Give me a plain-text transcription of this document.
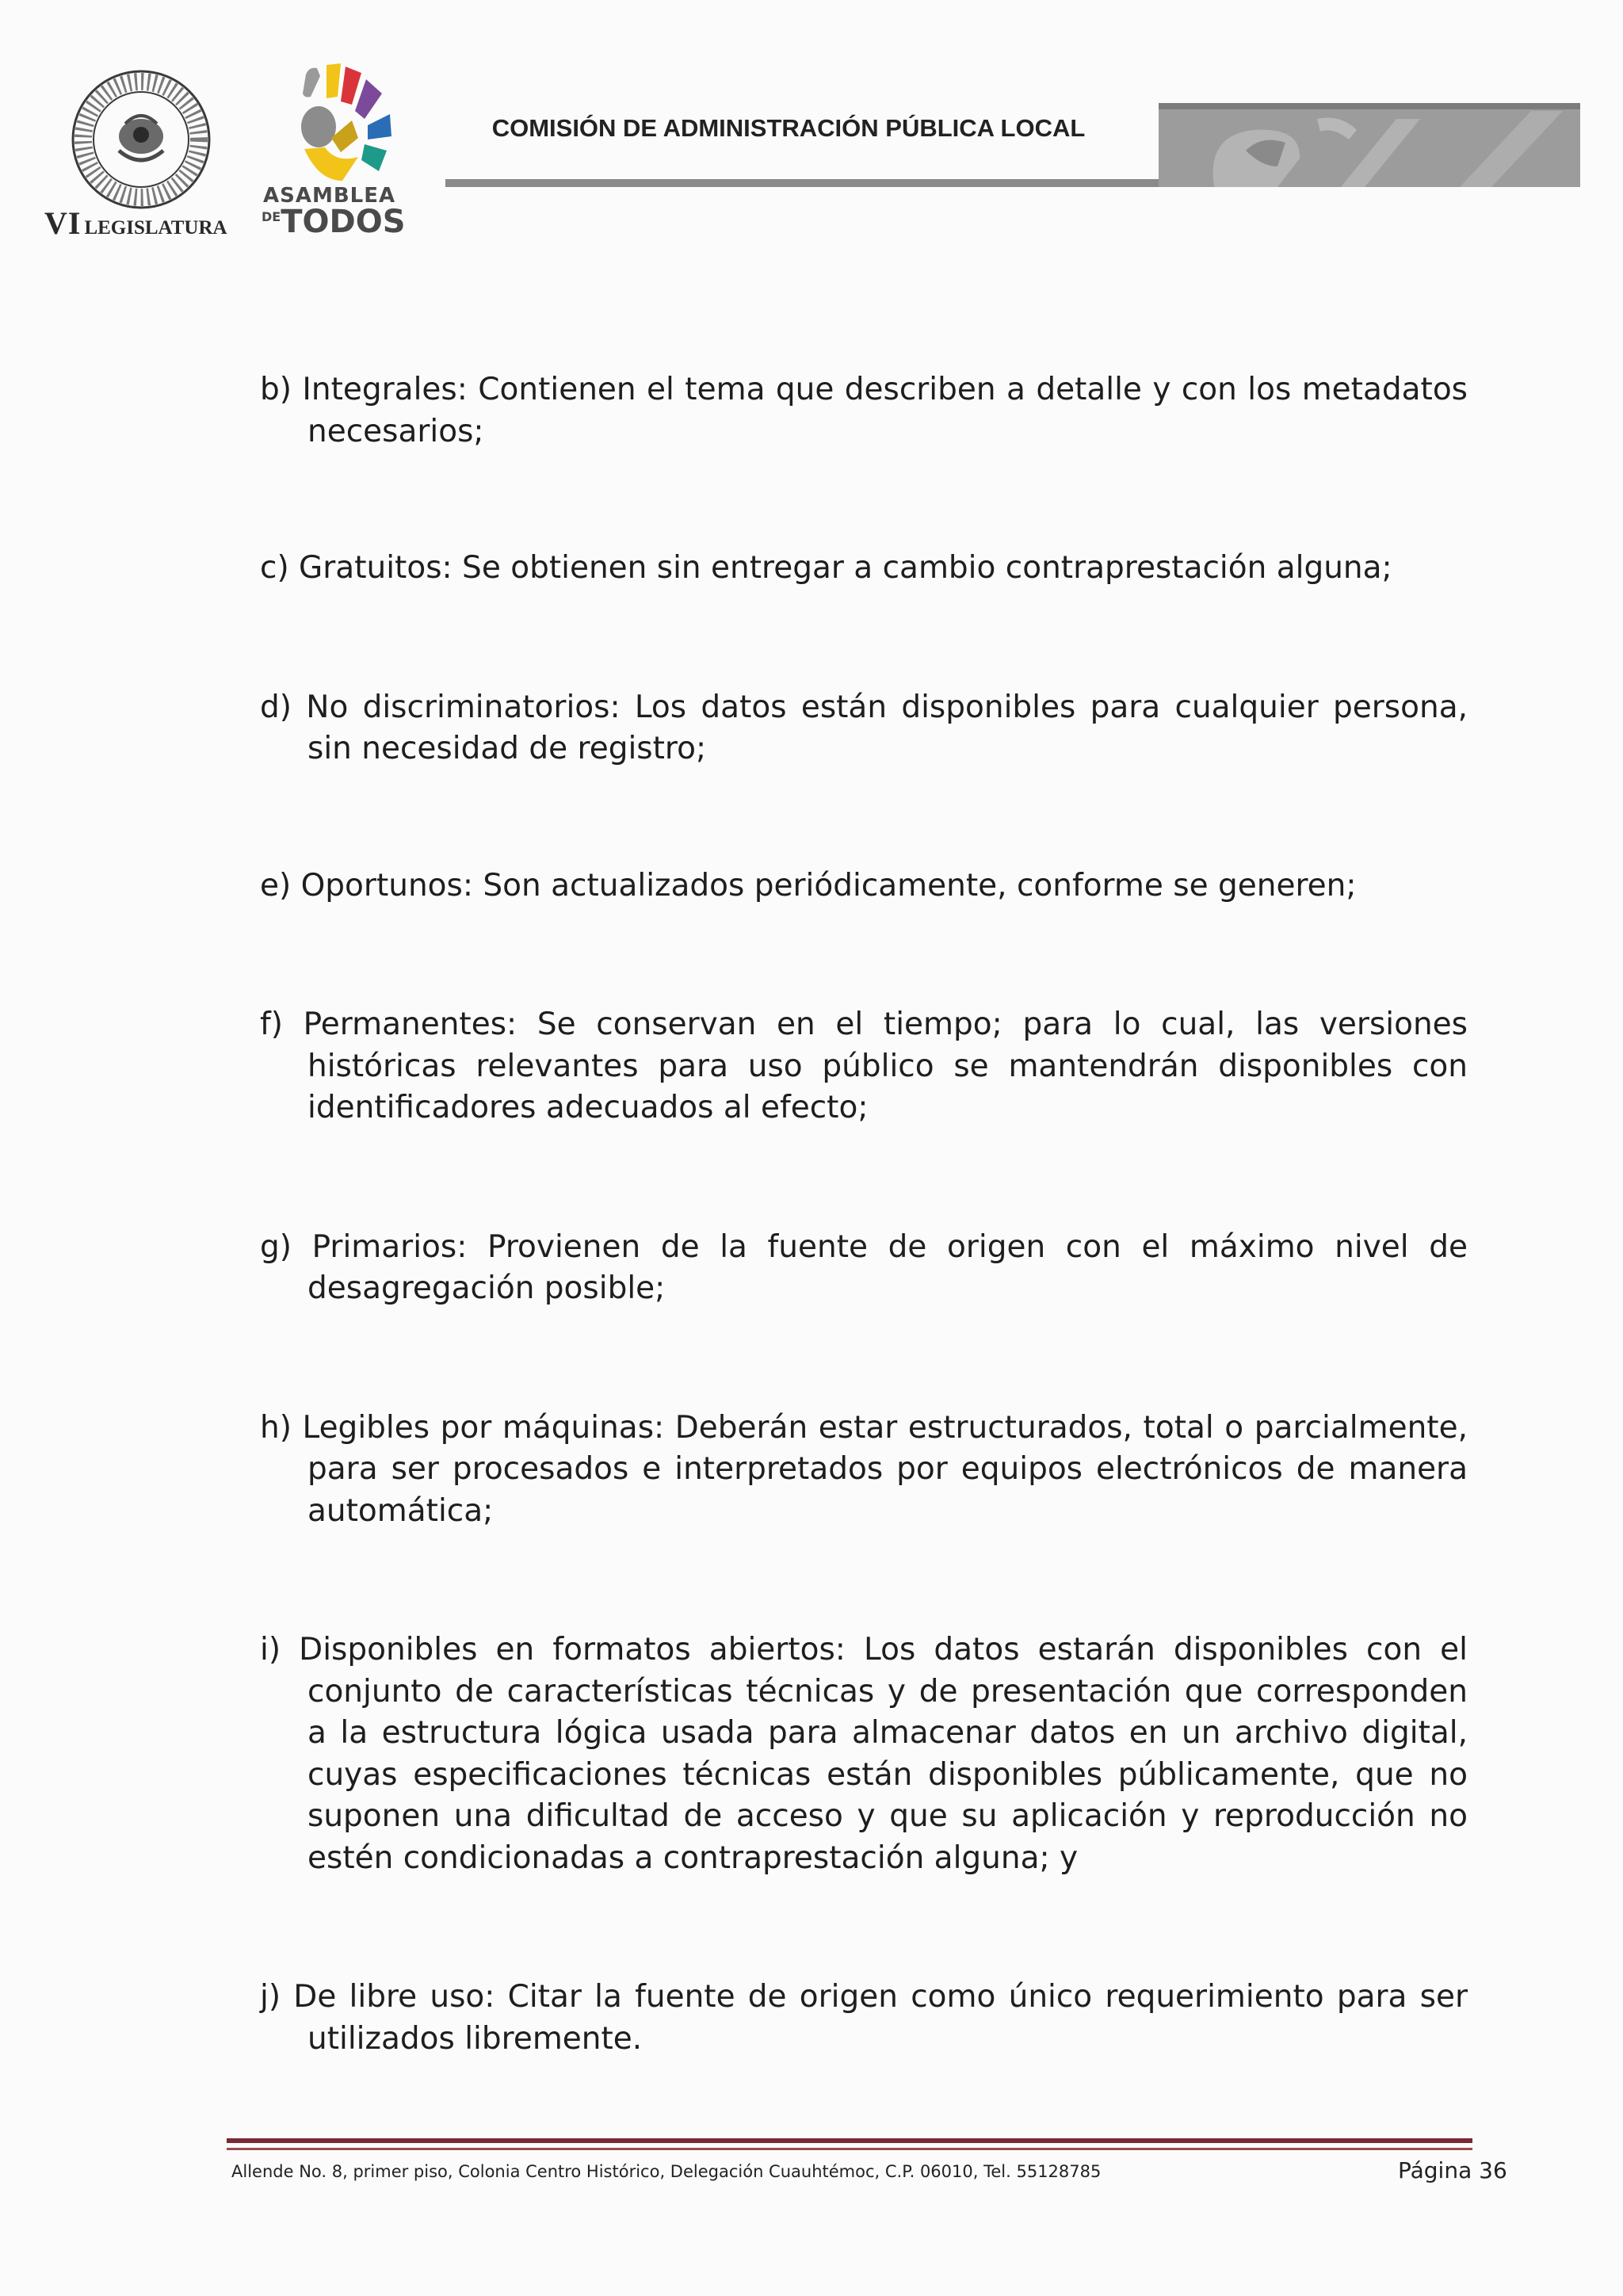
VI LEGISLATURA
ASAMBLEA
DETODOS
COMISIÓN DE ADMINISTRACIÓN PÚBLICA LOCAL

b) Integrales: Contienen el tema que describen a detalle y con los metadatos necesarios;

c) Gratuitos: Se obtienen sin entregar a cambio contraprestación alguna;

d) No discriminatorios: Los datos están disponibles para cualquier persona, sin necesidad de registro;

e) Oportunos: Son actualizados periódicamente, conforme se generen;

f) Permanentes: Se conservan en el tiempo; para lo cual, las versiones históricas relevantes para uso público se mantendrán disponibles con identificadores adecuados al efecto;

g) Primarios: Provienen de la fuente de origen con el máximo nivel de desagregación posible;

h) Legibles por máquinas: Deberán estar estructurados, total o parcialmente, para ser procesados e interpretados por equipos electrónicos de manera automática;

i) Disponibles en formatos abiertos: Los datos estarán disponibles con el conjunto de características técnicas y de presentación que corresponden a la estructura lógica usada para almacenar datos en un archivo digital, cuyas especificaciones técnicas están disponibles públicamente, que no suponen una dificultad de acceso y que su aplicación y reproducción no estén condicionadas a contraprestación alguna; y

j) De libre uso: Citar la fuente de origen como único requerimiento para ser utilizados libremente.

Allende No. 8, primer piso, Colonia Centro Histórico, Delegación Cuauhtémoc, C.P. 06010, Tel. 55128785	Página 36
